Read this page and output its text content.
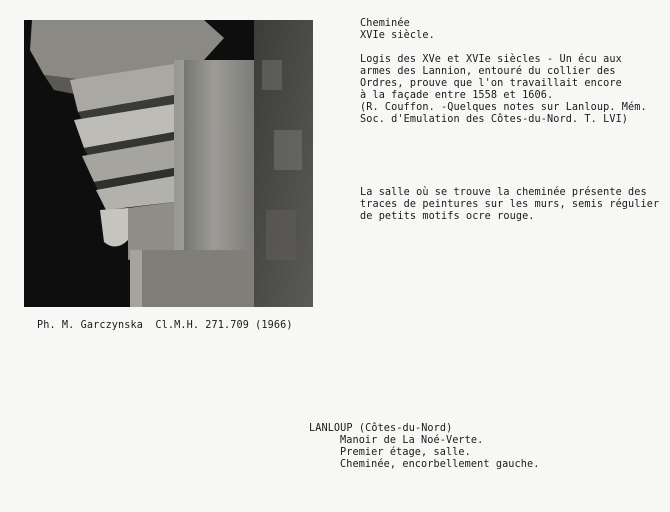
Cheminée
XVIe siècle.
Logis des XVe et XVIe siècles - Un écu aux
armes des Lannion, entouré du collier des
Ordres, prouve que l'on travaillait encore
à la façade entre 1558 et 1606.
(R. Couffon. -Quelques notes sur Lanloup. Mém.
Soc. d'Emulation des Côtes-du-Nord. T. LVI)
La salle où se trouve la cheminée présente des
traces de peintures sur les murs, semis régulier
de petits motifs ocre rouge.
Ph. M. Garczynska  Cl.M.H. 271.709 (1966)
LANLOUP (Côtes-du-Nord)
Manoir de La Noé-Verte.
Premier étage, salle.
Cheminée, encorbellement gauche.
